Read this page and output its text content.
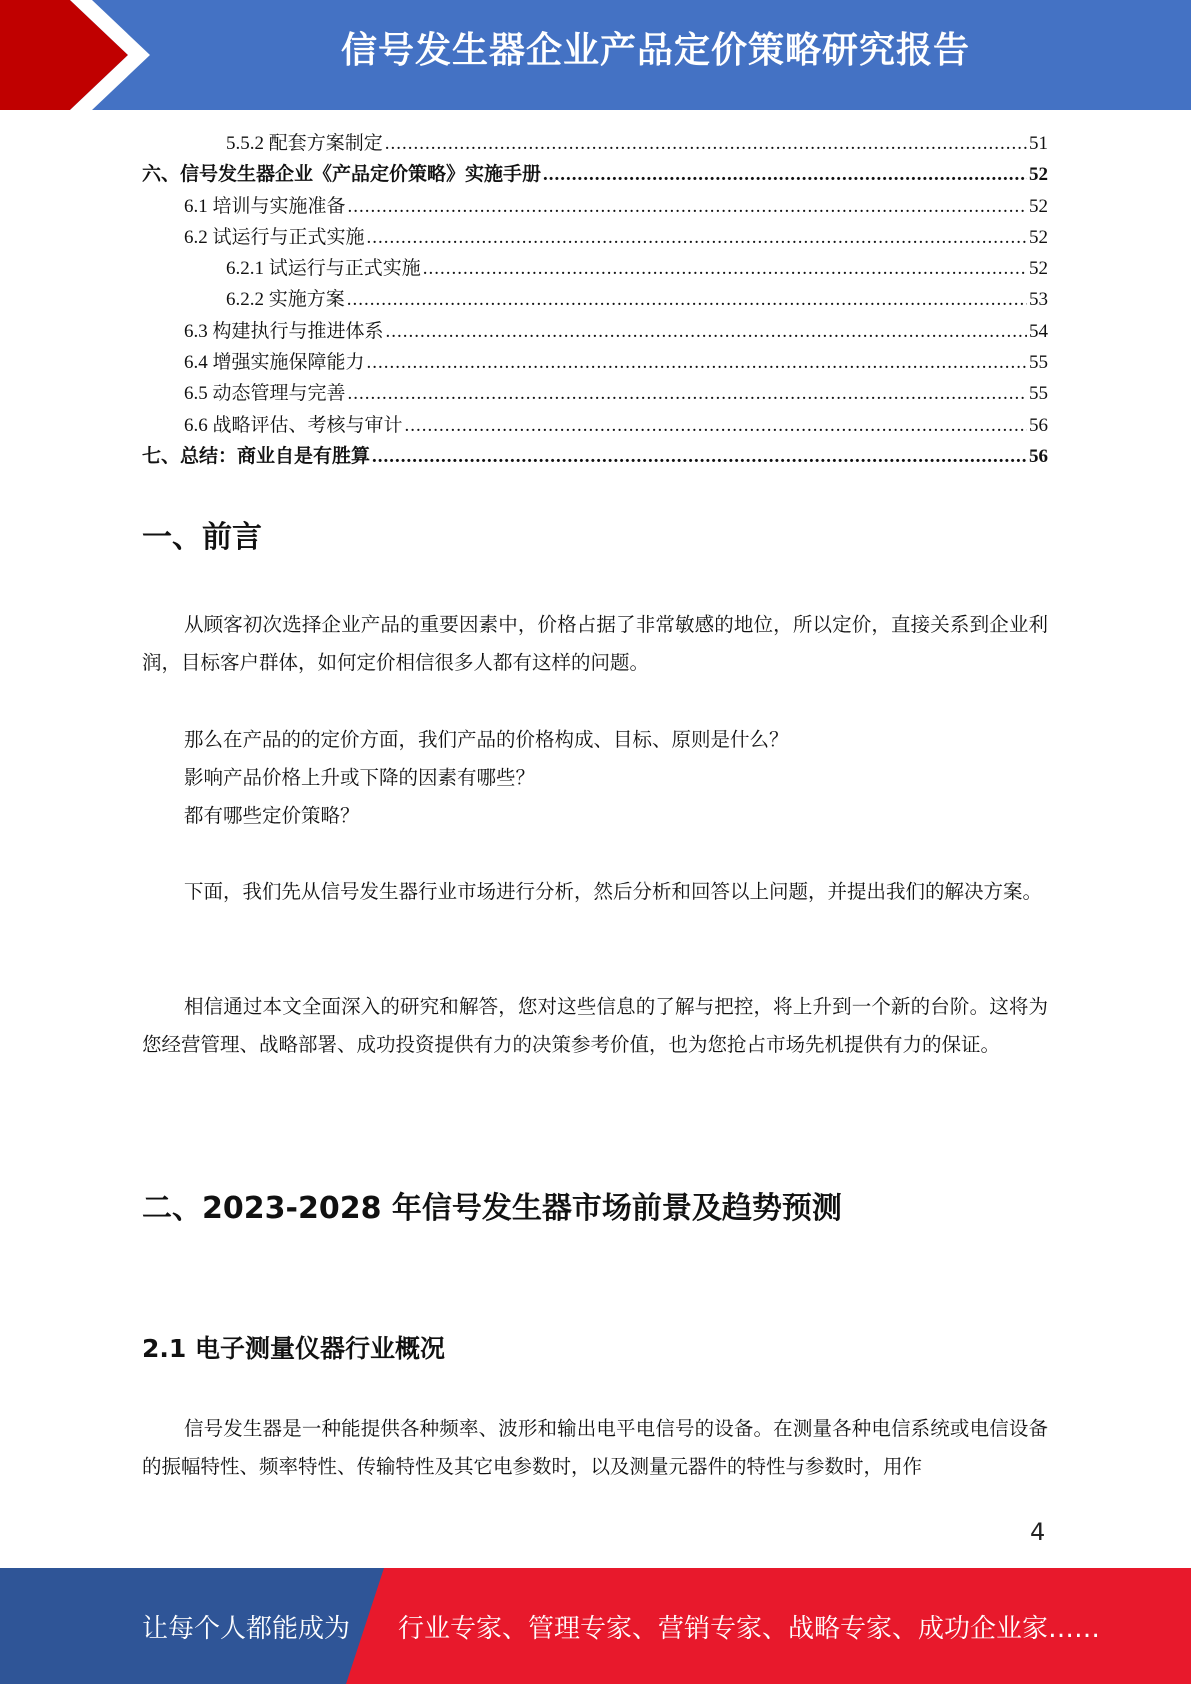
信号发生器企业产品定价策略研究报告
5.5.2 配套方案制定 .....	51
六、信号发生器企业《产品定价策略》实施手册 .....	52
6.1 培训与实施准备 .....	52
6.2 试运行与正式实施 .....	52
6.2.1 试运行与正式实施 .....	52
6.2.2 实施方案 .....	53
6.3 构建执行与推进体系 .....	54
6.4 增强实施保障能力 .....	55
6.5 动态管理与完善 .....	55
6.6 战略评估、考核与审计 .....	56
七、总结：商业自是有胜算 .....	56
一、前言

从顾客初次选择企业产品的重要因素中，价格占据了非常敏感的地位，所以定价，直接关系到企业利润，目标客户群体，如何定价相信很多人都有这样的问题。

那么在产品的的定价方面，我们产品的价格构成、目标、原则是什么？

影响产品价格上升或下降的因素有哪些？

都有哪些定价策略？

下面，我们先从信号发生器行业市场进行分析，然后分析和回答以上问题，并提出我们的解决方案。

相信通过本文全面深入的研究和解答，您对这些信息的了解与把控，将上升到一个新的台阶。这将为您经营管理、战略部署、成功投资提供有力的决策参考价值，也为您抢占市场先机提供有力的保证。

二、2023-2028 年信号发生器市场前景及趋势预测
2.1 电子测量仪器行业概况

信号发生器是一种能提供各种频率、波形和输出电平电信号的设备。在测量各种电信系统或电信设备的振幅特性、频率特性、传输特性及其它电参数时，以及测量元器件的特性与参数时，用作

4
让每个人都能成为 行业专家、管理专家、营销专家、战略专家、成功企业家……
